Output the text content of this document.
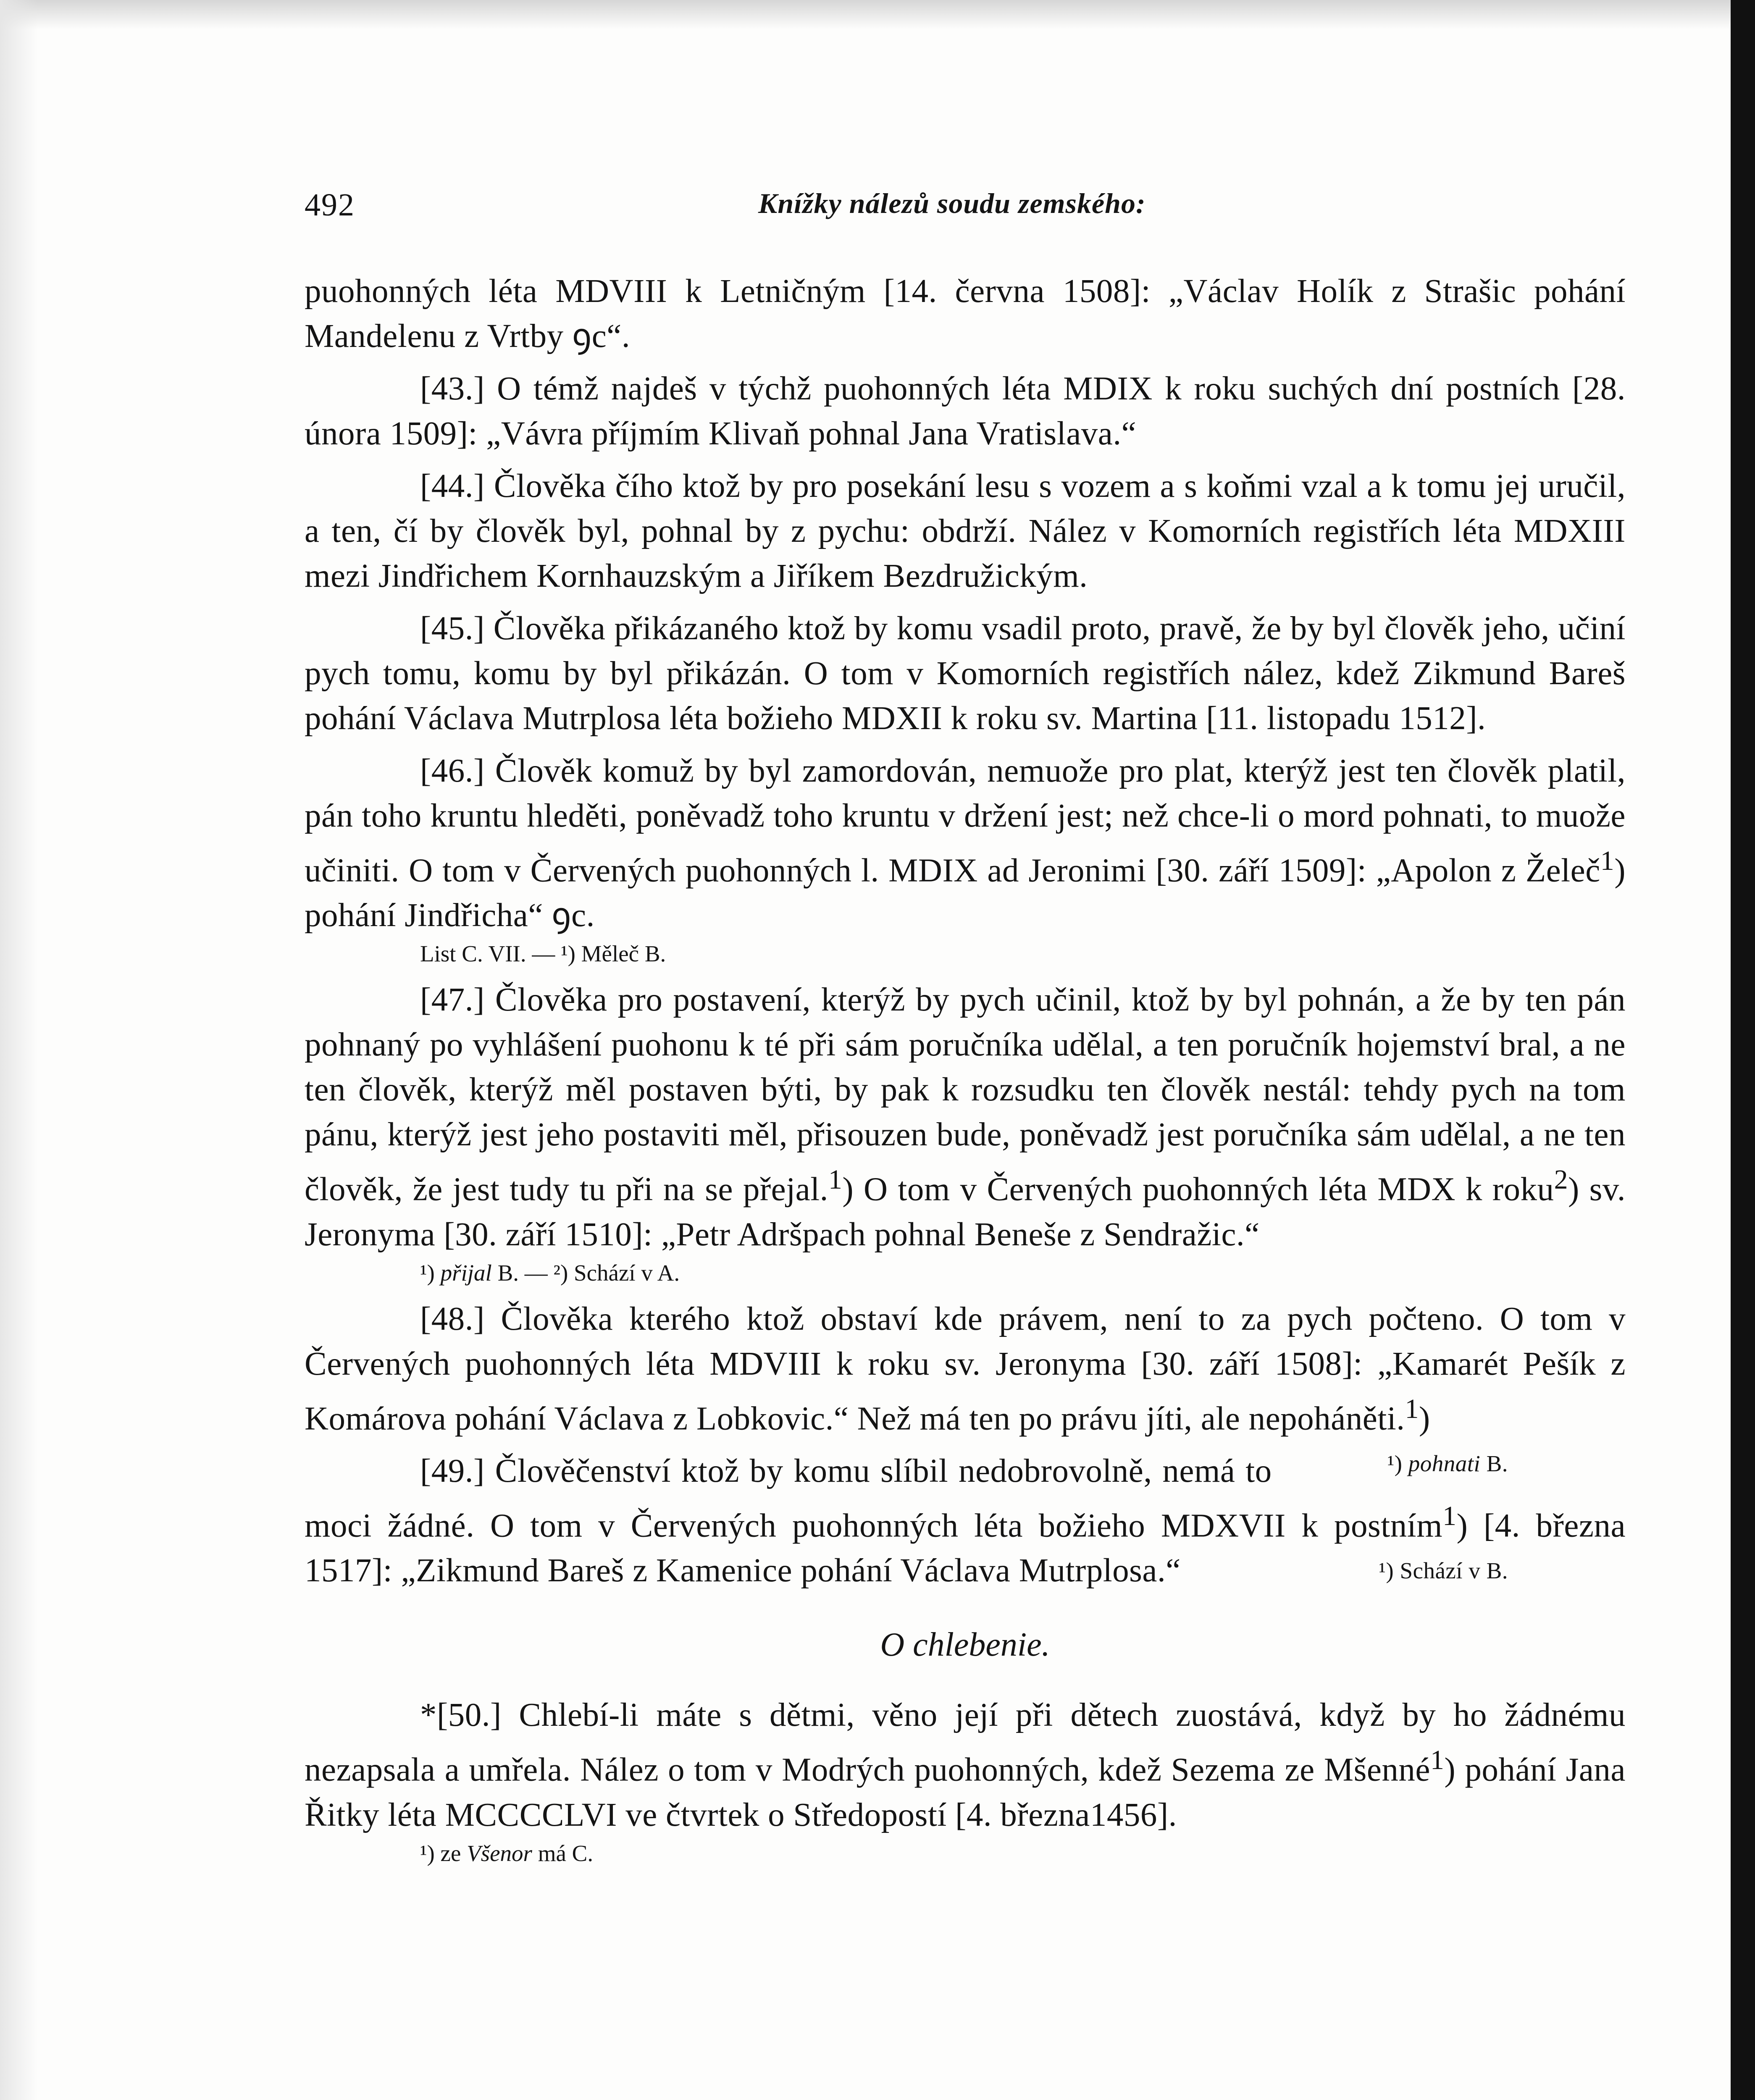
492	Knížky nálezů soudu zemského:

puohonných léta MDVIII k Letničným [14. června 1508]: „Václav Holík z Strašic pohání Mandelenu z Vrtby ꝯc“.

[43.] O témž najdeš v týchž puohonných léta MDIX k roku suchých dní postních [28. února 1509]: „Vávra příjmím Klivaň pohnal Jana Vratislava.“

[44.] Člověka čího ktož by pro posekání lesu s vozem a s koňmi vzal a k tomu jej uručil, a ten, čí by člověk byl, pohnal by z pychu: obdrží. Nález v Komorních registřích léta MDXIII mezi Jindřichem Kornhauzským a Jiříkem Bezdružickým.

[45.] Člověka přikázaného ktož by komu vsadil proto, pravě, že by byl člověk jeho, učiní pych tomu, komu by byl přikázán. O tom v Komorních registřích nález, kdež Zikmund Bareš pohání Václava Mutrplosa léta božieho MDXII k roku sv. Martina [11. listopadu 1512].

[46.] Člověk komuž by byl zamordován, nemuože pro plat, kterýž jest ten člověk platil, pán toho kruntu hleděti, poněvadž toho kruntu v držení jest; než chce-li o mord pohnati, to muože učiniti. O tom v Červených puohonných l. MDIX ad Jeronimi [30. září 1509]: „Apolon z Želeč$^1$) pohání Jindřicha“ ꝯc.

List C. VII. — ¹) Měleč B.

[47.] Člověka pro postavení, kterýž by pych učinil, ktož by byl pohnán, a že by ten pán pohnaný po vyhlášení puohonu k té při sám poručníka udělal, a ten poručník hojemství bral, a ne ten člověk, kterýž měl postaven býti, by pak k rozsudku ten člověk nestál: tehdy pych na tom pánu, kterýž jest jeho postaviti měl, přisouzen bude, poněvadž jest poručníka sám udělal, a ne ten člověk, že jest tudy tu při na se přejal.$^1$) O tom v Červených puohonných léta MDX k roku$^2$) sv. Jeronyma [30. září 1510]: „Petr Adršpach pohnal Beneše z Sendražic.“

¹) přijal B. — ²) Schází v A.

[48.] Člověka kterého ktož obstaví kde právem, není to za pych počteno. O tom v Červených puohonných léta MDVIII k roku sv. Jeronyma [30. září 1508]: „Kamarét Pešík z Komárova pohání Václava z Lobkovic.“ Než má ten po právu jíti, ale nepoháněti.$^1$)
¹) pohnati B.

[49.] Člověčenství ktož by komu slíbil nedobrovolně, nemá to moci žádné. O tom v Červených puohonných léta božieho MDXVII k postním$^1$) [4. března 1517]: „Zikmund Bareš z Kamenice pohání Václava Mutrplosa.“	¹) Schází v B.

O chlebenie.

*[50.] Chlebí-li máte s dětmi, věno její při dětech zuostává, když by ho žádnému nezapsala a umřela. Nález o tom v Modrých puohonných, kdež Sezema ze Mšenné$^1$) pohání Jana Řitky léta MCCCCLVI ve čtvrtek o Středopostí [4. března1456].

¹) ze Všenor má C.
